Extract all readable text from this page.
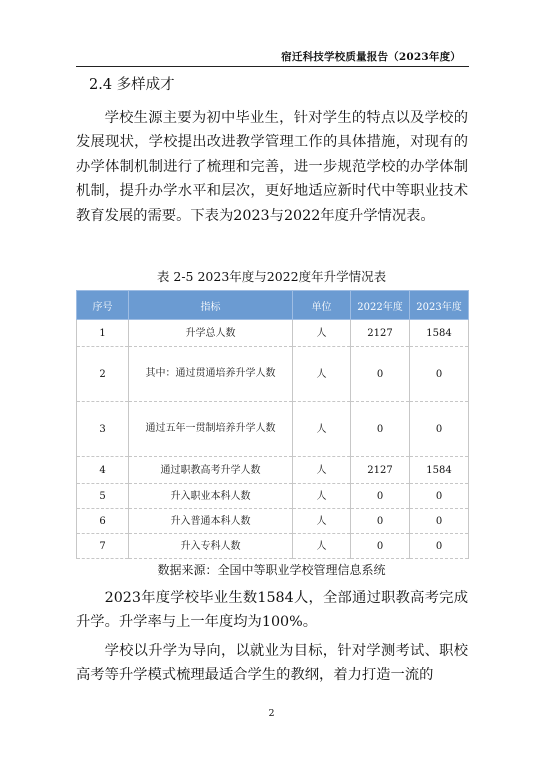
宿迁科技学校质量报告（2023年度）
2.4 多样成才

学校生源主要为初中毕业生，针对学生的特点以及学校的发展现状，学校提出改进教学管理工作的具体措施，对现有的办学体制机制进行了梳理和完善，进一步规范学校的办学体制机制，提升办学水平和层次，更好地适应新时代中等职业技术教育发展的需要。下表为2023与2022年度升学情况表。

表 2-5 2023年度与2022度年升学情况表
序号	指标	单位	2022年度	2023年度
1	升学总人数	人	2127	1584
2	其中：通过贯通培养升学人数	人	0	0
3	通过五年一贯制培养升学人数	人	0	0
4	通过职教高考升学人数	人	2127	1584
5	升入职业本科人数	人	0	0
6	升入普通本科人数	人	0	0
7	升入专科人数	人	0	0
数据来源：全国中等职业学校管理信息系统

2023年度学校毕业生数1584人，全部通过职教高考完成升学。升学率与上一年度均为100%。

学校以升学为导向，以就业为目标，针对学测考试、职校高考等升学模式梳理最适合学生的教纲，着力打造一流的

2
